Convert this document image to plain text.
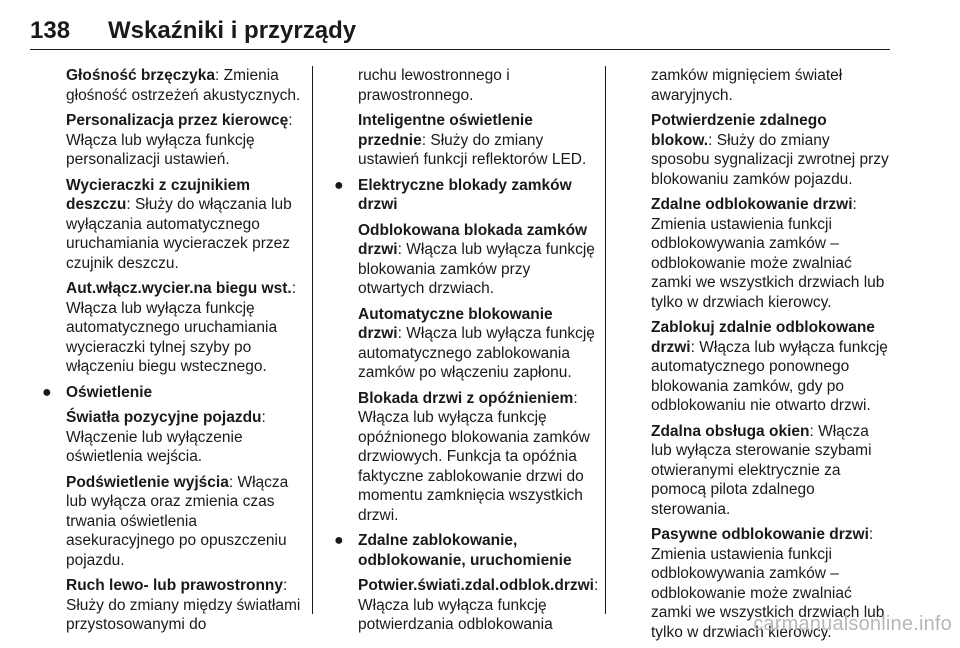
138	Wskaźniki i przyrządy
Głośność brzęczyka: Zmienia głośność ostrzeżeń akustycznych.
Personalizacja przez kierowcę: Włącza lub wyłącza funkcję personalizacji ustawień.
Wycieraczki z czujnikiem deszczu: Służy do włączania lub wyłączania automatycznego uruchamiania wycieraczek przez czujnik deszczu.
Aut.włącz.wycier.na biegu wst.: Włącza lub wyłącza funkcję automatycznego uruchamiania wycieraczki tylnej szyby po włączeniu biegu wstecznego.
● Oświetlenie
Światła pozycyjne pojazdu: Włączenie lub wyłączenie oświetlenia wejścia.
Podświetlenie wyjścia: Włącza lub wyłącza oraz zmienia czas trwania oświetlenia asekuracyjnego po opuszczeniu pojazdu.
Ruch lewo- lub prawostronny: Służy do zmiany między światłami przystosowanymi do
ruchu lewostronnego i prawostronnego.
Inteligentne oświetlenie przednie: Służy do zmiany ustawień funkcji reflektorów LED.
● Elektryczne blokady zamków drzwi
Odblokowana blokada zamków drzwi: Włącza lub wyłącza funkcję blokowania zamków przy otwartych drzwiach.
Automatyczne blokowanie drzwi: Włącza lub wyłącza funkcję automatycznego zablokowania zamków po włączeniu zapłonu.
Blokada drzwi z opóźnieniem: Włącza lub wyłącza funkcję opóźnionego blokowania zamków drzwiowych. Funkcja ta opóźnia faktyczne zablokowanie drzwi do momentu zamknięcia wszystkich drzwi.
● Zdalne zablokowanie, odblokowanie, uruchomienie
Potwier.świati.zdal.odblok.drzwi: Włącza lub wyłącza funkcję potwierdzania odblokowania
zamków mignięciem świateł awaryjnych.
Potwierdzenie zdalnego blokow.: Służy do zmiany sposobu sygnalizacji zwrotnej przy blokowaniu zamków pojazdu.
Zdalne odblokowanie drzwi: Zmienia ustawienia funkcji odblokowywania zamków – odblokowanie może zwalniać zamki we wszystkich drzwiach lub tylko w drzwiach kierowcy.
Zablokuj zdalnie odblokowane drzwi: Włącza lub wyłącza funkcję automatycznego ponownego blokowania zamków, gdy po odblokowaniu nie otwarto drzwi.
Zdalna obsługa okien: Włącza lub wyłącza sterowanie szybami otwieranymi elektrycznie za pomocą pilota zdalnego sterowania.
Pasywne odblokowanie drzwi: Zmienia ustawienia funkcji odblokowywania zamków – odblokowanie może zwalniać zamki we wszystkich drzwiach lub tylko w drzwiach kierowcy.
carmanualsonline.info
